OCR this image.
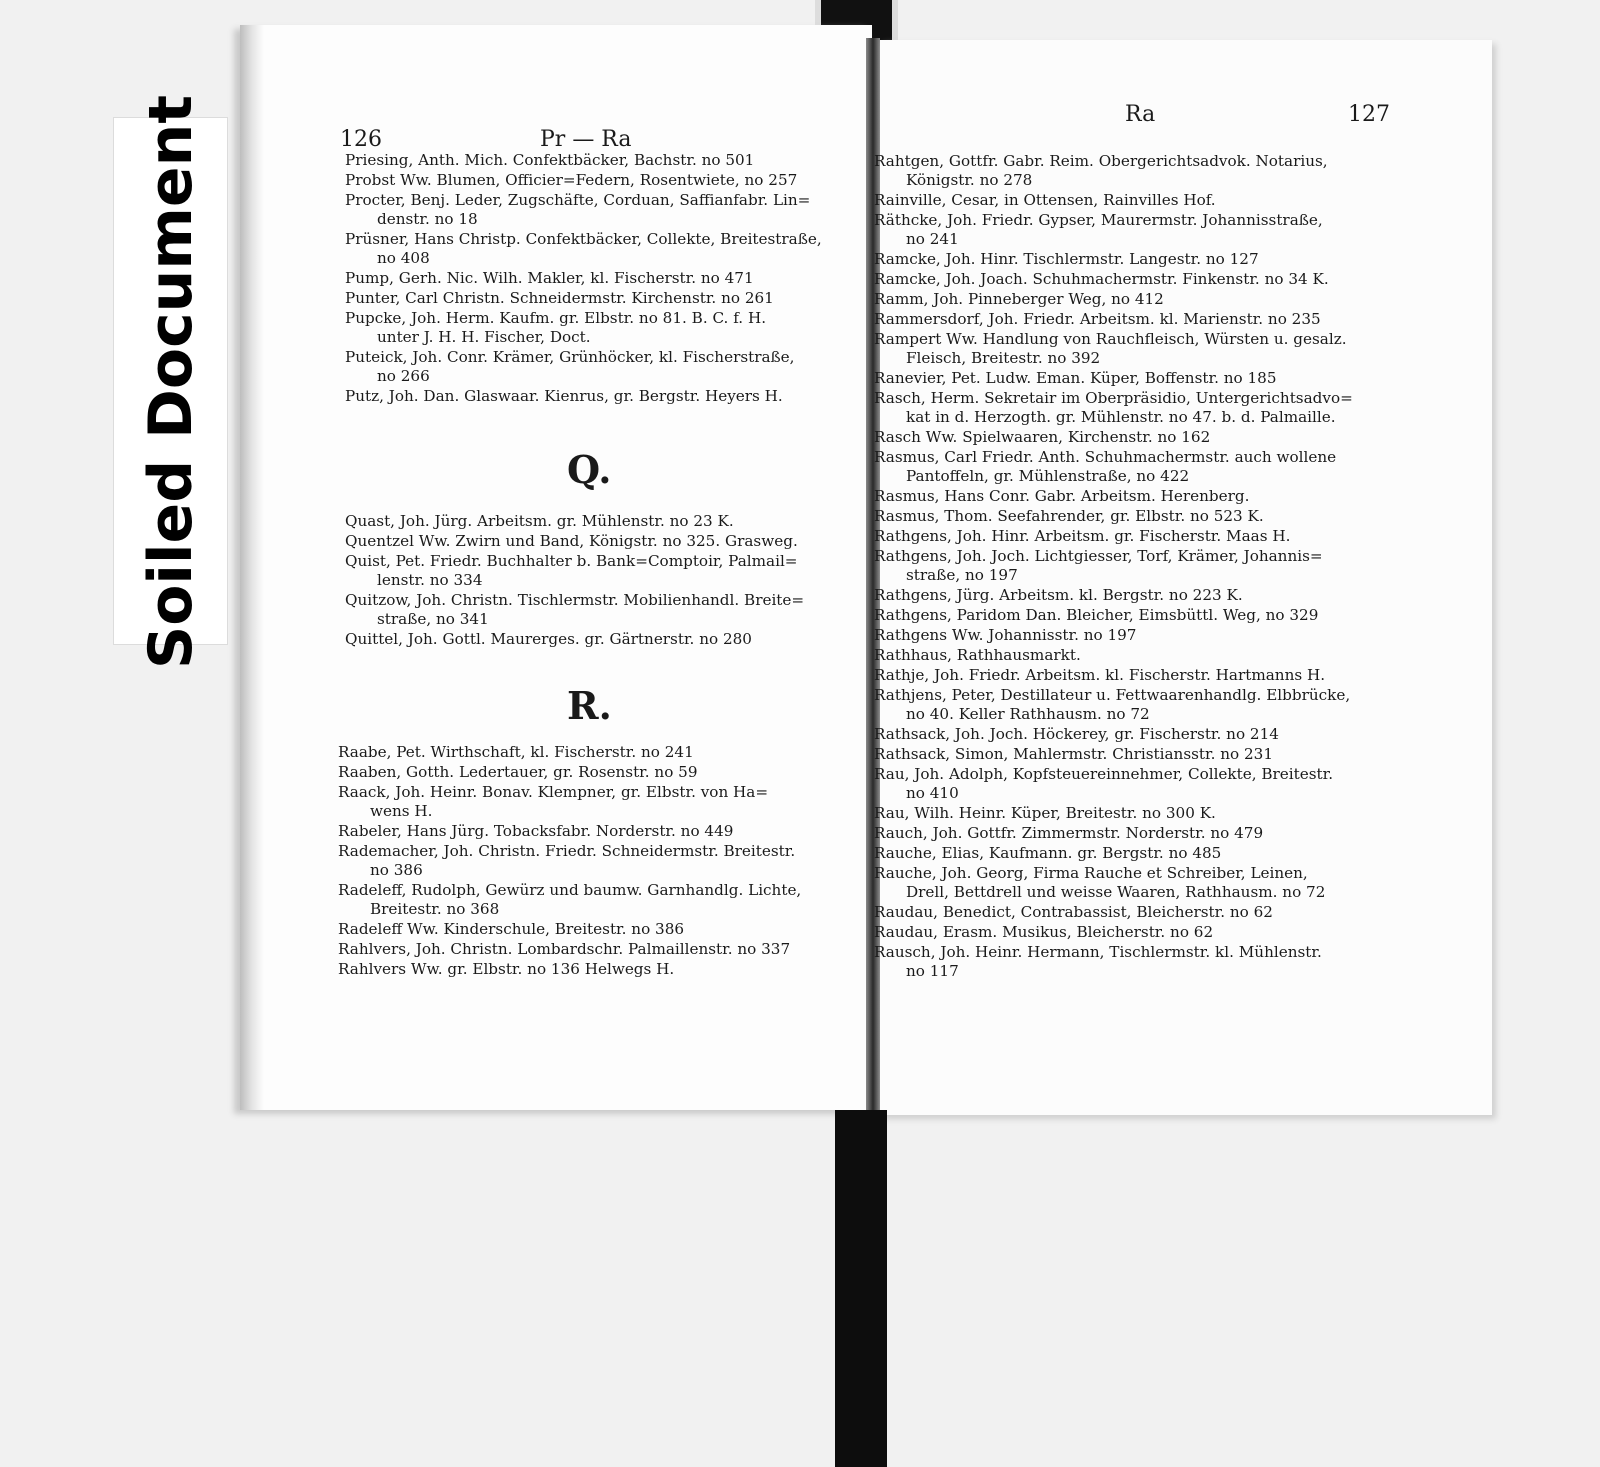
Soiled Document	126	Pr — Ra
Priesing, Anth. Mich. Confektbäcker, Bachstr. no 501
Probst Ww. Blumen, Officier=Federn, Rosentwiete, no 257
Procter, Benj. Leder, Zugschäfte, Corduan, Saffianfabr. Lin=
denstr. no 18
Prüsner, Hans Christp. Confektbäcker, Collekte, Breitestraße,
no 408
Pump, Gerh. Nic. Wilh. Makler, kl. Fischerstr. no 471
Punter, Carl Christn. Schneidermstr. Kirchenstr. no 261
Pupcke, Joh. Herm. Kaufm. gr. Elbstr. no 81. B. C. f. H.
unter J. H. H. Fischer, Doct.
Puteick, Joh. Conr. Krämer, Grünhöcker, kl. Fischerstraße,
no 266
Putz, Joh. Dan. Glaswaar. Kienrus, gr. Bergstr. Heyers H.
Quast, Joh. Jürg. Arbeitsm. gr. Mühlenstr. no 23 K.
Quentzel Ww. Zwirn und Band, Königstr. no 325. Grasweg.
Quist, Pet. Friedr. Buchhalter b. Bank=Comptoir, Palmail=
lenstr. no 334
Quitzow, Joh. Christn. Tischlermstr. Mobilienhandl. Breite=
straße, no 341
Quittel, Joh. Gottl. Maurerges. gr. Gärtnerstr. no 280
Raabe, Pet. Wirthschaft, kl. Fischerstr. no 241
Raaben, Gotth. Ledertauer, gr. Rosenstr. no 59
Raack, Joh. Heinr. Bonav. Klempner, gr. Elbstr. von Ha=
wens H.
Rabeler, Hans Jürg. Tobacksfabr. Norderstr. no 449
Rademacher, Joh. Christn. Friedr. Schneidermstr. Breitestr.
no 386
Radeleff, Rudolph, Gewürz und baumw. Garnhandlg. Lichte,
Breitestr. no 368
Radeleff Ww. Kinderschule, Breitestr. no 386
Rahlvers, Joh. Christn. Lombardschr. Palmaillenstr. no 337
Rahlvers Ww. gr. Elbstr. no 136 Helwegs H.
Q.
R.
Ra	127
Rahtgen, Gottfr. Gabr. Reim. Obergerichtsadvok. Notarius,
Königstr. no 278
Rainville, Cesar, in Ottensen, Rainvilles Hof.
Räthcke, Joh. Friedr. Gypser, Maurermstr. Johannisstraße,
no 241
Ramcke, Joh. Hinr. Tischlermstr. Langestr. no 127
Ramcke, Joh. Joach. Schuhmachermstr. Finkenstr. no 34 K.
Ramm, Joh. Pinneberger Weg, no 412
Rammersdorf, Joh. Friedr. Arbeitsm. kl. Marienstr. no 235
Rampert Ww. Handlung von Rauchfleisch, Würsten u. gesalz.
Fleisch, Breitestr. no 392
Ranevier, Pet. Ludw. Eman. Küper, Boffenstr. no 185
Rasch, Herm. Sekretair im Oberpräsidio, Untergerichtsadvo=
kat in d. Herzogth. gr. Mühlenstr. no 47. b. d. Palmaille.
Rasch Ww. Spielwaaren, Kirchenstr. no 162
Rasmus, Carl Friedr. Anth. Schuhmachermstr. auch wollene
Pantoffeln, gr. Mühlenstraße, no 422
Rasmus, Hans Conr. Gabr. Arbeitsm. Herenberg.
Rasmus, Thom. Seefahrender, gr. Elbstr. no 523 K.
Rathgens, Joh. Hinr. Arbeitsm. gr. Fischerstr. Maas H.
Rathgens, Joh. Joch. Lichtgiesser, Torf, Krämer, Johannis=
straße, no 197
Rathgens, Jürg. Arbeitsm. kl. Bergstr. no 223 K.
Rathgens, Paridom Dan. Bleicher, Eimsbüttl. Weg, no 329
Rathgens Ww. Johannisstr. no 197
Rathhaus, Rathhausmarkt.
Rathje, Joh. Friedr. Arbeitsm. kl. Fischerstr. Hartmanns H.
Rathjens, Peter, Destillateur u. Fettwaarenhandlg. Elbbrücke,
no 40. Keller Rathhausm. no 72
Rathsack, Joh. Joch. Höckerey, gr. Fischerstr. no 214
Rathsack, Simon, Mahlermstr. Christiansstr. no 231
Rau, Joh. Adolph, Kopfsteuereinnehmer, Collekte, Breitestr.
no 410
Rau, Wilh. Heinr. Küper, Breitestr. no 300 K.
Rauch, Joh. Gottfr. Zimmermstr. Norderstr. no 479
Rauche, Elias, Kaufmann. gr. Bergstr. no 485
Rauche, Joh. Georg, Firma Rauche et Schreiber, Leinen,
Drell, Bettdrell und weisse Waaren, Rathhausm. no 72
Raudau, Benedict, Contrabassist, Bleicherstr. no 62
Raudau, Erasm. Musikus, Bleicherstr. no 62
Rausch, Joh. Heinr. Hermann, Tischlermstr. kl. Mühlenstr.
no 117
